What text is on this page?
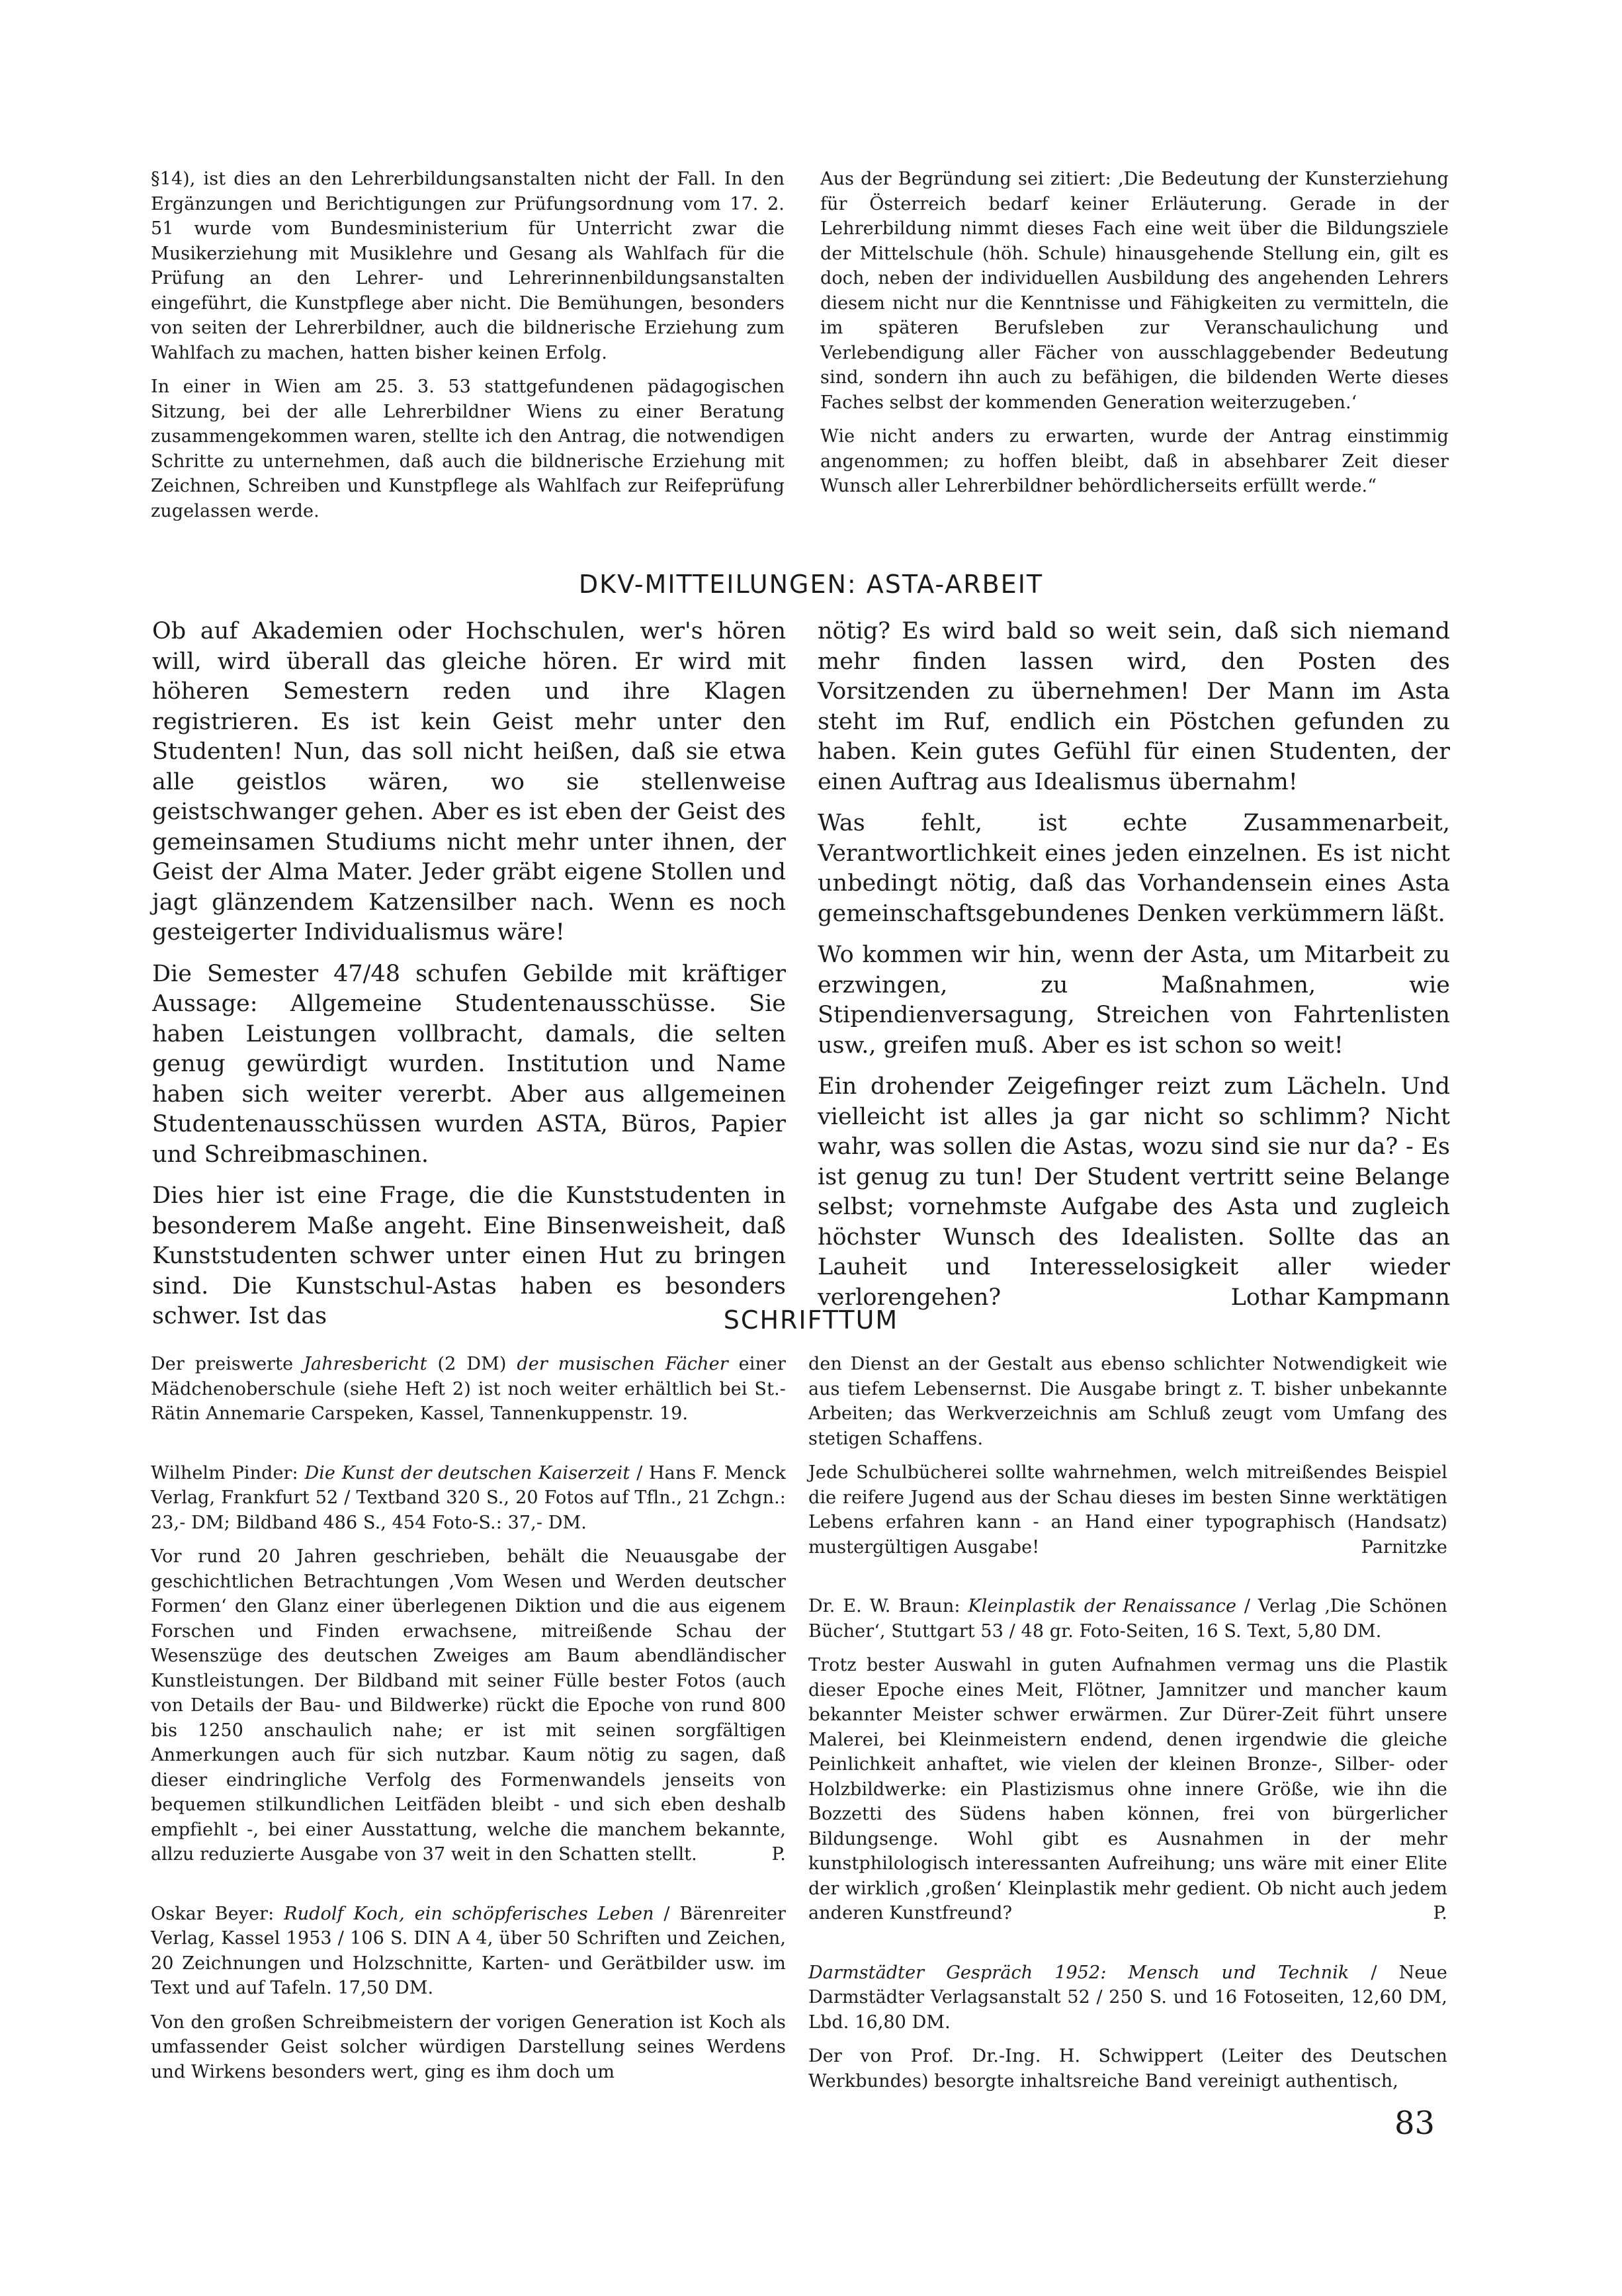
§14), ist dies an den Lehrerbildungsanstalten nicht der Fall. In den Ergänzungen und Berichtigungen zur Prüfungsordnung vom 17. 2. 51 wurde vom Bundesministerium für Unterricht zwar die Musikerziehung mit Musiklehre und Gesang als Wahlfach für die Prüfung an den Lehrer- und Lehrerinnenbildungsanstalten eingeführt, die Kunstpflege aber nicht. Die Bemühungen, besonders von seiten der Lehrerbildner, auch die bildnerische Erziehung zum Wahlfach zu machen, hatten bisher keinen Erfolg.

In einer in Wien am 25. 3. 53 stattgefundenen pädagogischen Sitzung, bei der alle Lehrerbildner Wiens zu einer Beratung zusammengekommen waren, stellte ich den Antrag, die notwendigen Schritte zu unternehmen, daß auch die bildnerische Erziehung mit Zeichnen, Schreiben und Kunstpflege als Wahlfach zur Reifeprüfung zugelassen werde.

Aus der Begründung sei zitiert: ‚Die Bedeutung der Kunsterziehung für Österreich bedarf keiner Erläuterung. Gerade in der Lehrerbildung nimmt dieses Fach eine weit über die Bildungsziele der Mittelschule (höh. Schule) hinausgehende Stellung ein, gilt es doch, neben der individuellen Ausbildung des angehenden Lehrers diesem nicht nur die Kenntnisse und Fähigkeiten zu vermitteln, die im späteren Berufsleben zur Veranschaulichung und Verlebendigung aller Fächer von ausschlaggebender Bedeutung sind, sondern ihn auch zu befähigen, die bildenden Werte dieses Faches selbst der kommenden Generation weiterzugeben.‘

Wie nicht anders zu erwarten, wurde der Antrag einstimmig angenommen; zu hoffen bleibt, daß in absehbarer Zeit dieser Wunsch aller Lehrerbildner behördlicherseits erfüllt werde.“

DKV-MITTEILUNGEN: ASTA-ARBEIT

Ob auf Akademien oder Hochschulen, wer's hören will, wird überall das gleiche hören. Er wird mit höheren Semestern reden und ihre Klagen registrieren. Es ist kein Geist mehr unter den Studenten! Nun, das soll nicht heißen, daß sie etwa alle geistlos wären, wo sie stellenweise geistschwanger gehen. Aber es ist eben der Geist des gemeinsamen Studiums nicht mehr unter ihnen, der Geist der Alma Mater. Jeder gräbt eigene Stollen und jagt glänzendem Katzensilber nach. Wenn es noch gesteigerter Individualismus wäre!

Die Semester 47/48 schufen Gebilde mit kräftiger Aussage: Allgemeine Studentenausschüsse. Sie haben Leistungen vollbracht, damals, die selten genug gewürdigt wurden. Institution und Name haben sich weiter vererbt. Aber aus allgemeinen Studentenausschüssen wurden ASTA, Büros, Papier und Schreibmaschinen.

Dies hier ist eine Frage, die die Kunststudenten in besonderem Maße angeht. Eine Binsenweisheit, daß Kunststudenten schwer unter einen Hut zu bringen sind. Die Kunstschul-Astas haben es besonders schwer. Ist das

nötig? Es wird bald so weit sein, daß sich niemand mehr finden lassen wird, den Posten des Vorsitzenden zu übernehmen! Der Mann im Asta steht im Ruf, endlich ein Pöstchen gefunden zu haben. Kein gutes Gefühl für einen Studenten, der einen Auftrag aus Idealismus übernahm!

Was fehlt, ist echte Zusammenarbeit, Verantwortlichkeit eines jeden einzelnen. Es ist nicht unbedingt nötig, daß das Vorhandensein eines Asta gemeinschaftsgebundenes Denken verkümmern läßt.

Wo kommen wir hin, wenn der Asta, um Mitarbeit zu erzwingen, zu Maßnahmen, wie Stipendienversagung, Streichen von Fahrtenlisten usw., greifen muß. Aber es ist schon so weit!

Ein drohender Zeigefinger reizt zum Lächeln. Und vielleicht ist alles ja gar nicht so schlimm? Nicht wahr, was sollen die Astas, wozu sind sie nur da? - Es ist genug zu tun! Der Student vertritt seine Belange selbst; vornehmste Aufgabe des Asta und zugleich höchster Wunsch des Idealisten. Sollte das an Lauheit und Interesselosigkeit aller wieder verlorengehen?	Lothar Kampmann

SCHRIFTTUM

Der preiswerte Jahresbericht (2 DM) der musischen Fächer einer Mädchenoberschule (siehe Heft 2) ist noch weiter erhältlich bei St.-Rätin Annemarie Carspeken, Kassel, Tannenkuppenstr. 19.

Wilhelm Pinder: Die Kunst der deutschen Kaiserzeit / Hans F. Menck Verlag, Frankfurt 52 / Textband 320 S., 20 Fotos auf Tfln., 21 Zchgn.: 23,- DM; Bildband 486 S., 454 Foto-S.: 37,- DM.

Vor rund 20 Jahren geschrieben, behält die Neuausgabe der geschichtlichen Betrachtungen ‚Vom Wesen und Werden deutscher Formen‘ den Glanz einer überlegenen Diktion und die aus eigenem Forschen und Finden erwachsene, mitreißende Schau der Wesenszüge des deutschen Zweiges am Baum abendländischer Kunstleistungen. Der Bildband mit seiner Fülle bester Fotos (auch von Details der Bau- und Bildwerke) rückt die Epoche von rund 800 bis 1250 anschaulich nahe; er ist mit seinen sorgfältigen Anmerkungen auch für sich nutzbar. Kaum nötig zu sagen, daß dieser eindringliche Verfolg des Formenwandels jenseits von bequemen stilkundlichen Leitfäden bleibt - und sich eben deshalb empfiehlt -, bei einer Ausstattung, welche die manchem bekannte, allzu reduzierte Ausgabe von 37 weit in den Schatten stellt.	P.

Oskar Beyer: Rudolf Koch, ein schöpferisches Leben / Bärenreiter Verlag, Kassel 1953 / 106 S. DIN A 4, über 50 Schriften und Zeichen, 20 Zeichnungen und Holzschnitte, Karten- und Gerätbilder usw. im Text und auf Tafeln. 17,50 DM.

Von den großen Schreibmeistern der vorigen Generation ist Koch als umfassender Geist solcher würdigen Darstellung seines Werdens und Wirkens besonders wert, ging es ihm doch um

den Dienst an der Gestalt aus ebenso schlichter Notwendigkeit wie aus tiefem Lebensernst. Die Ausgabe bringt z. T. bisher unbekannte Arbeiten; das Werkverzeichnis am Schluß zeugt vom Umfang des stetigen Schaffens.

Jede Schulbücherei sollte wahrnehmen, welch mitreißendes Beispiel die reifere Jugend aus der Schau dieses im besten Sinne werktätigen Lebens erfahren kann - an Hand einer typographisch (Handsatz) mustergültigen Ausgabe!	Parnitzke

Dr. E. W. Braun: Kleinplastik der Renaissance / Verlag ‚Die Schönen Bücher‘, Stuttgart 53 / 48 gr. Foto-Seiten, 16 S. Text, 5,80 DM.

Trotz bester Auswahl in guten Aufnahmen vermag uns die Plastik dieser Epoche eines Meit, Flötner, Jamnitzer und mancher kaum bekannter Meister schwer erwärmen. Zur Dürer-Zeit führt unsere Malerei, bei Kleinmeistern endend, denen irgendwie die gleiche Peinlichkeit anhaftet, wie vielen der kleinen Bronze-, Silber- oder Holzbildwerke: ein Plastizismus ohne innere Größe, wie ihn die Bozzetti des Südens haben können, frei von bürgerlicher Bildungsenge. Wohl gibt es Ausnahmen in der mehr kunstphilologisch interessanten Aufreihung; uns wäre mit einer Elite der wirklich ‚großen‘ Kleinplastik mehr gedient. Ob nicht auch jedem anderen Kunstfreund?	P.

Darmstädter Gespräch 1952: Mensch und Technik / Neue Darmstädter Verlagsanstalt 52 / 250 S. und 16 Fotoseiten, 12,60 DM, Lbd. 16,80 DM.

Der von Prof. Dr.-Ing. H. Schwippert (Leiter des Deutschen Werkbundes) besorgte inhaltsreiche Band vereinigt authentisch,

83
